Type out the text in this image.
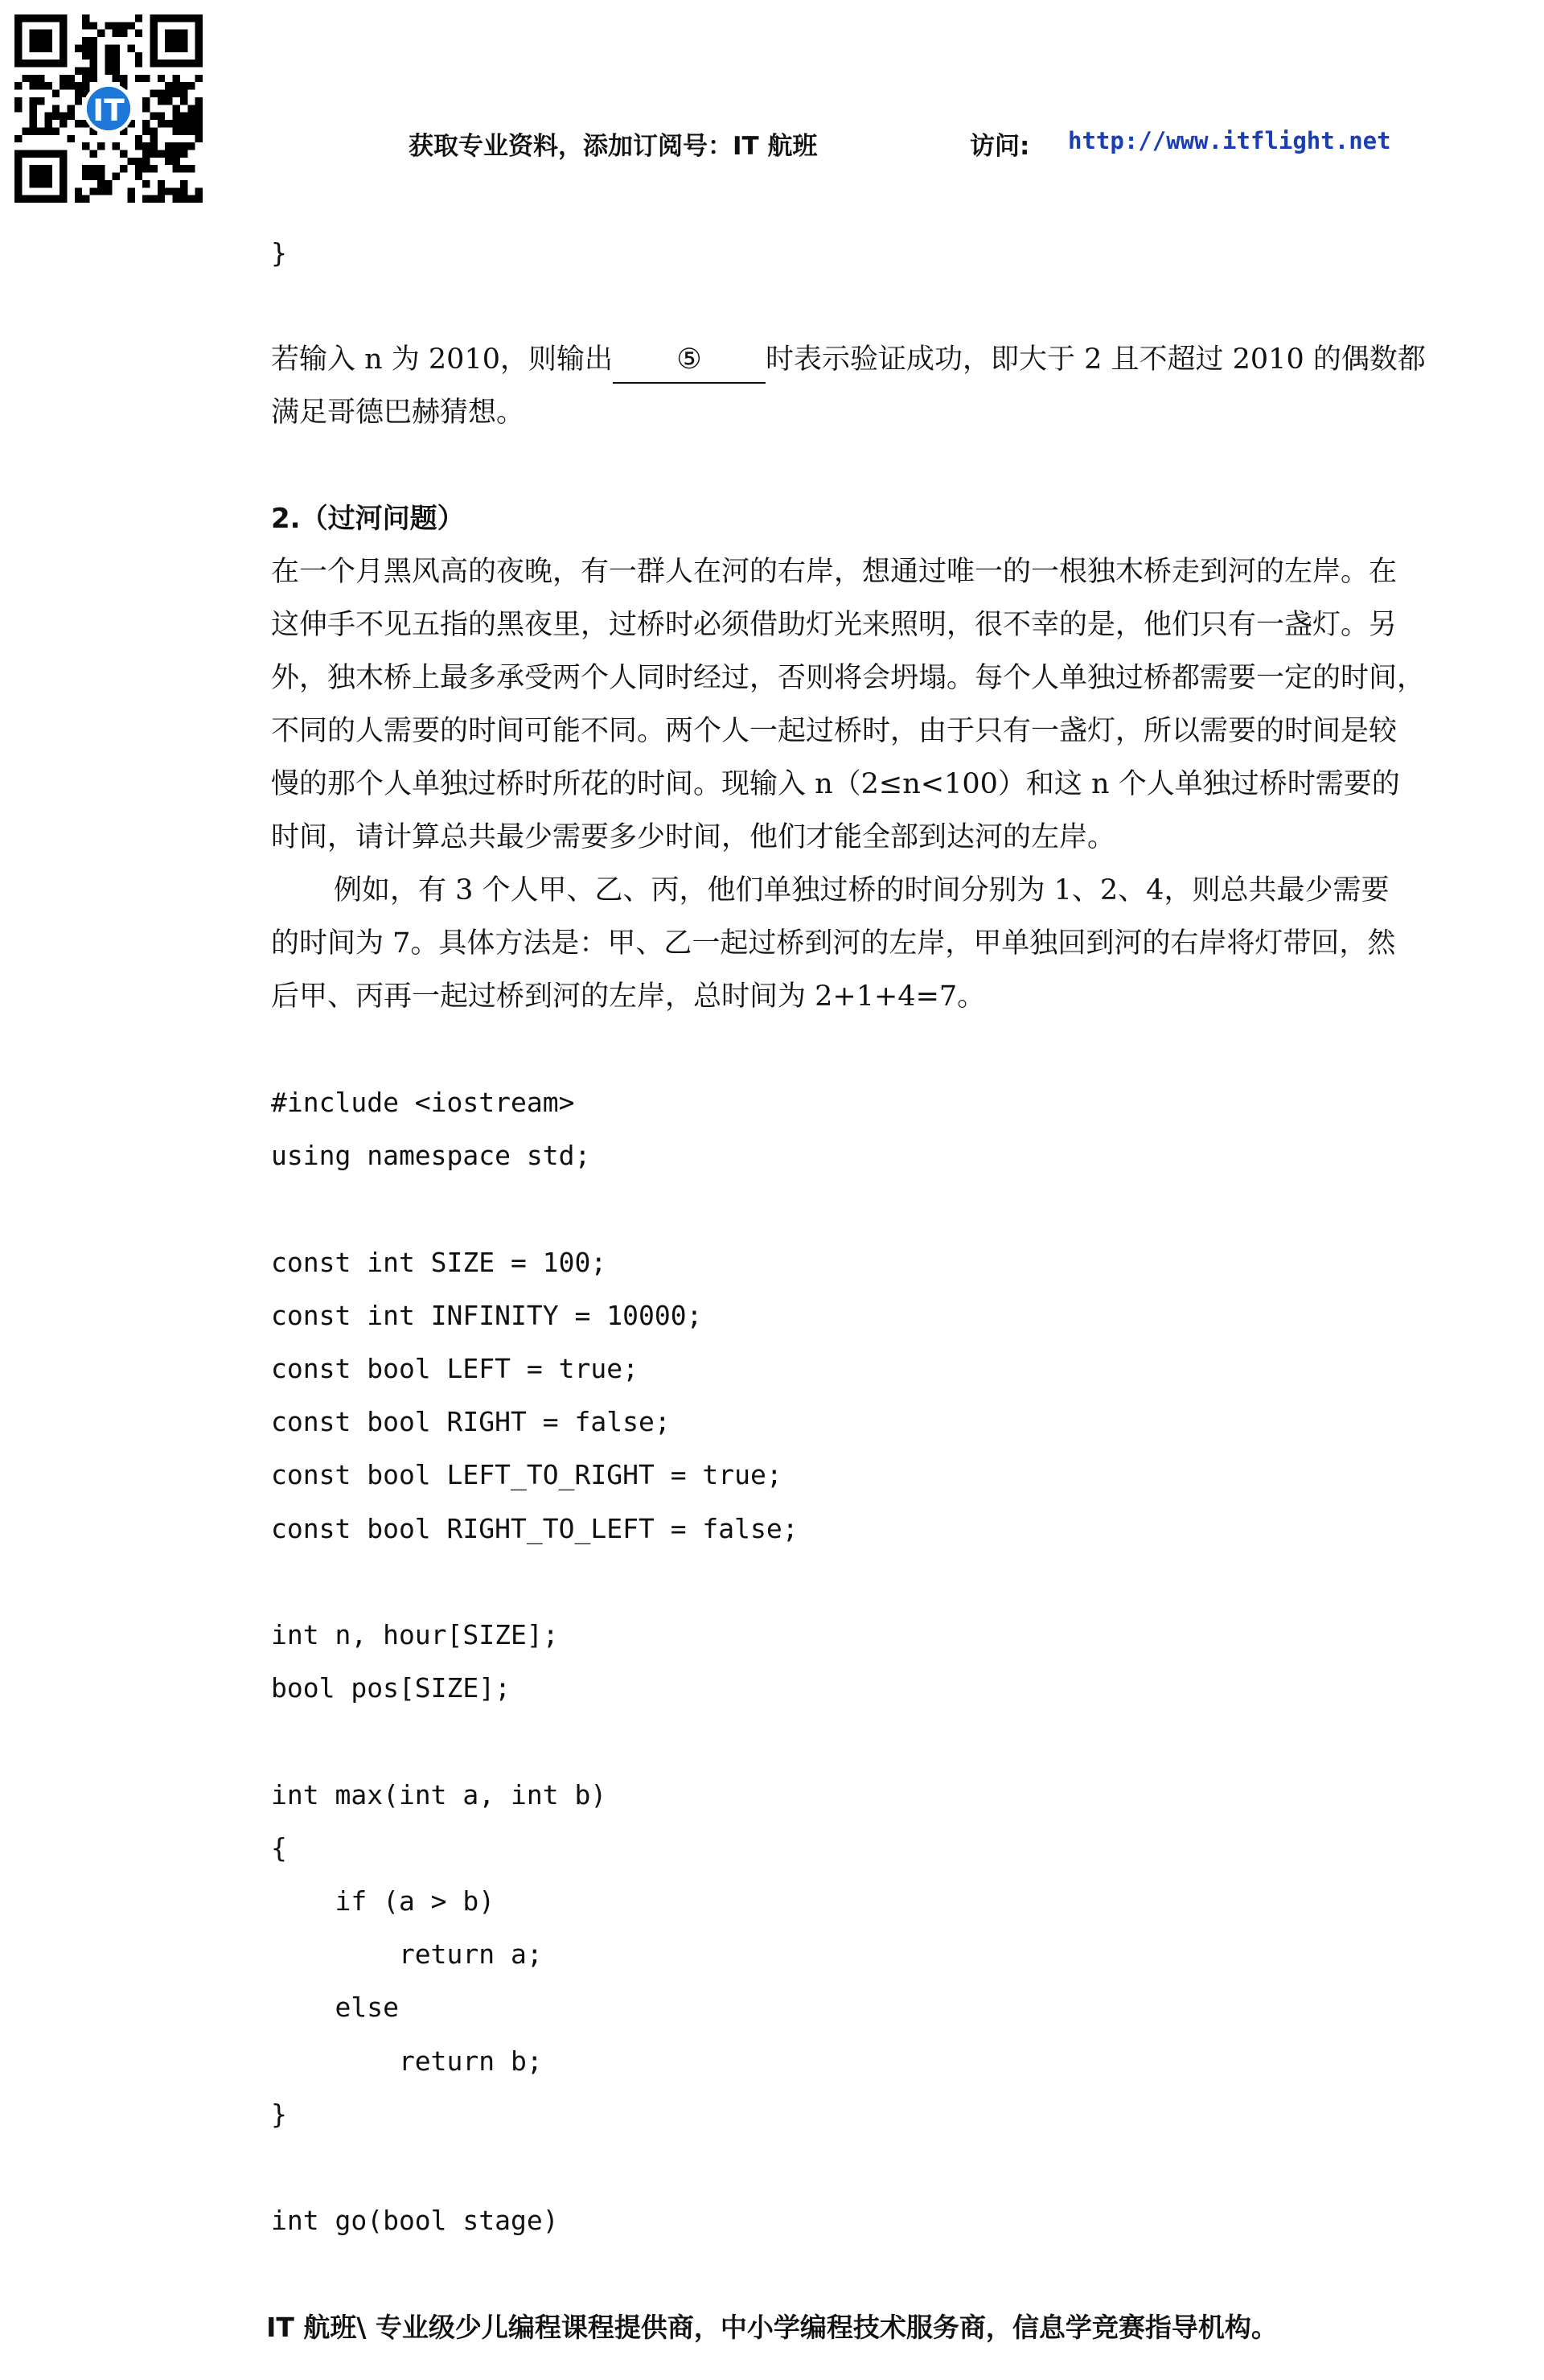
IT
获取专业资料，添加订阅号：IT 航班	访问: http://www.itflight.net
}

若输入 n 为 2010，则输出 ⑤ 时表示验证成功，即大于 2 且不超过 2010 的偶数都

满足哥德巴赫猜想。

2.（过河问题）

在一个月黑风高的夜晚，有一群人在河的右岸，想通过唯一的一根独木桥走到河的左岸。在

这伸手不见五指的黑夜里，过桥时必须借助灯光来照明，很不幸的是，他们只有一盏灯。另

外，独木桥上最多承受两个人同时经过，否则将会坍塌。每个人单独过桥都需要一定的时间，

不同的人需要的时间可能不同。两个人一起过桥时，由于只有一盏灯，所以需要的时间是较

慢的那个人单独过桥时所花的时间。现输入 n（2≤n<100）和这 n 个人单独过桥时需要的

时间，请计算总共最少需要多少时间，他们才能全部到达河的左岸。

例如，有 3 个人甲、乙、丙，他们单独过桥的时间分别为 1、2、4，则总共最少需要

的时间为 7。具体方法是：甲、乙一起过桥到河的左岸，甲单独回到河的右岸将灯带回，然

后甲、丙再一起过桥到河的左岸，总时间为 2+1+4=7。

#include <iostream>
using namespace std;

const int SIZE = 100;
const int INFINITY = 10000;
const bool LEFT = true;
const bool RIGHT = false;
const bool LEFT_TO_RIGHT = true;
const bool RIGHT_TO_LEFT = false;

int n, hour[SIZE];
bool pos[SIZE];

int max(int a, int b)
{
if (a > b)
return a;
else
return b;
}

int go(bool stage)
IT 航班\ 专业级少儿编程课程提供商，中小学编程技术服务商，信息学竞赛指导机构。
